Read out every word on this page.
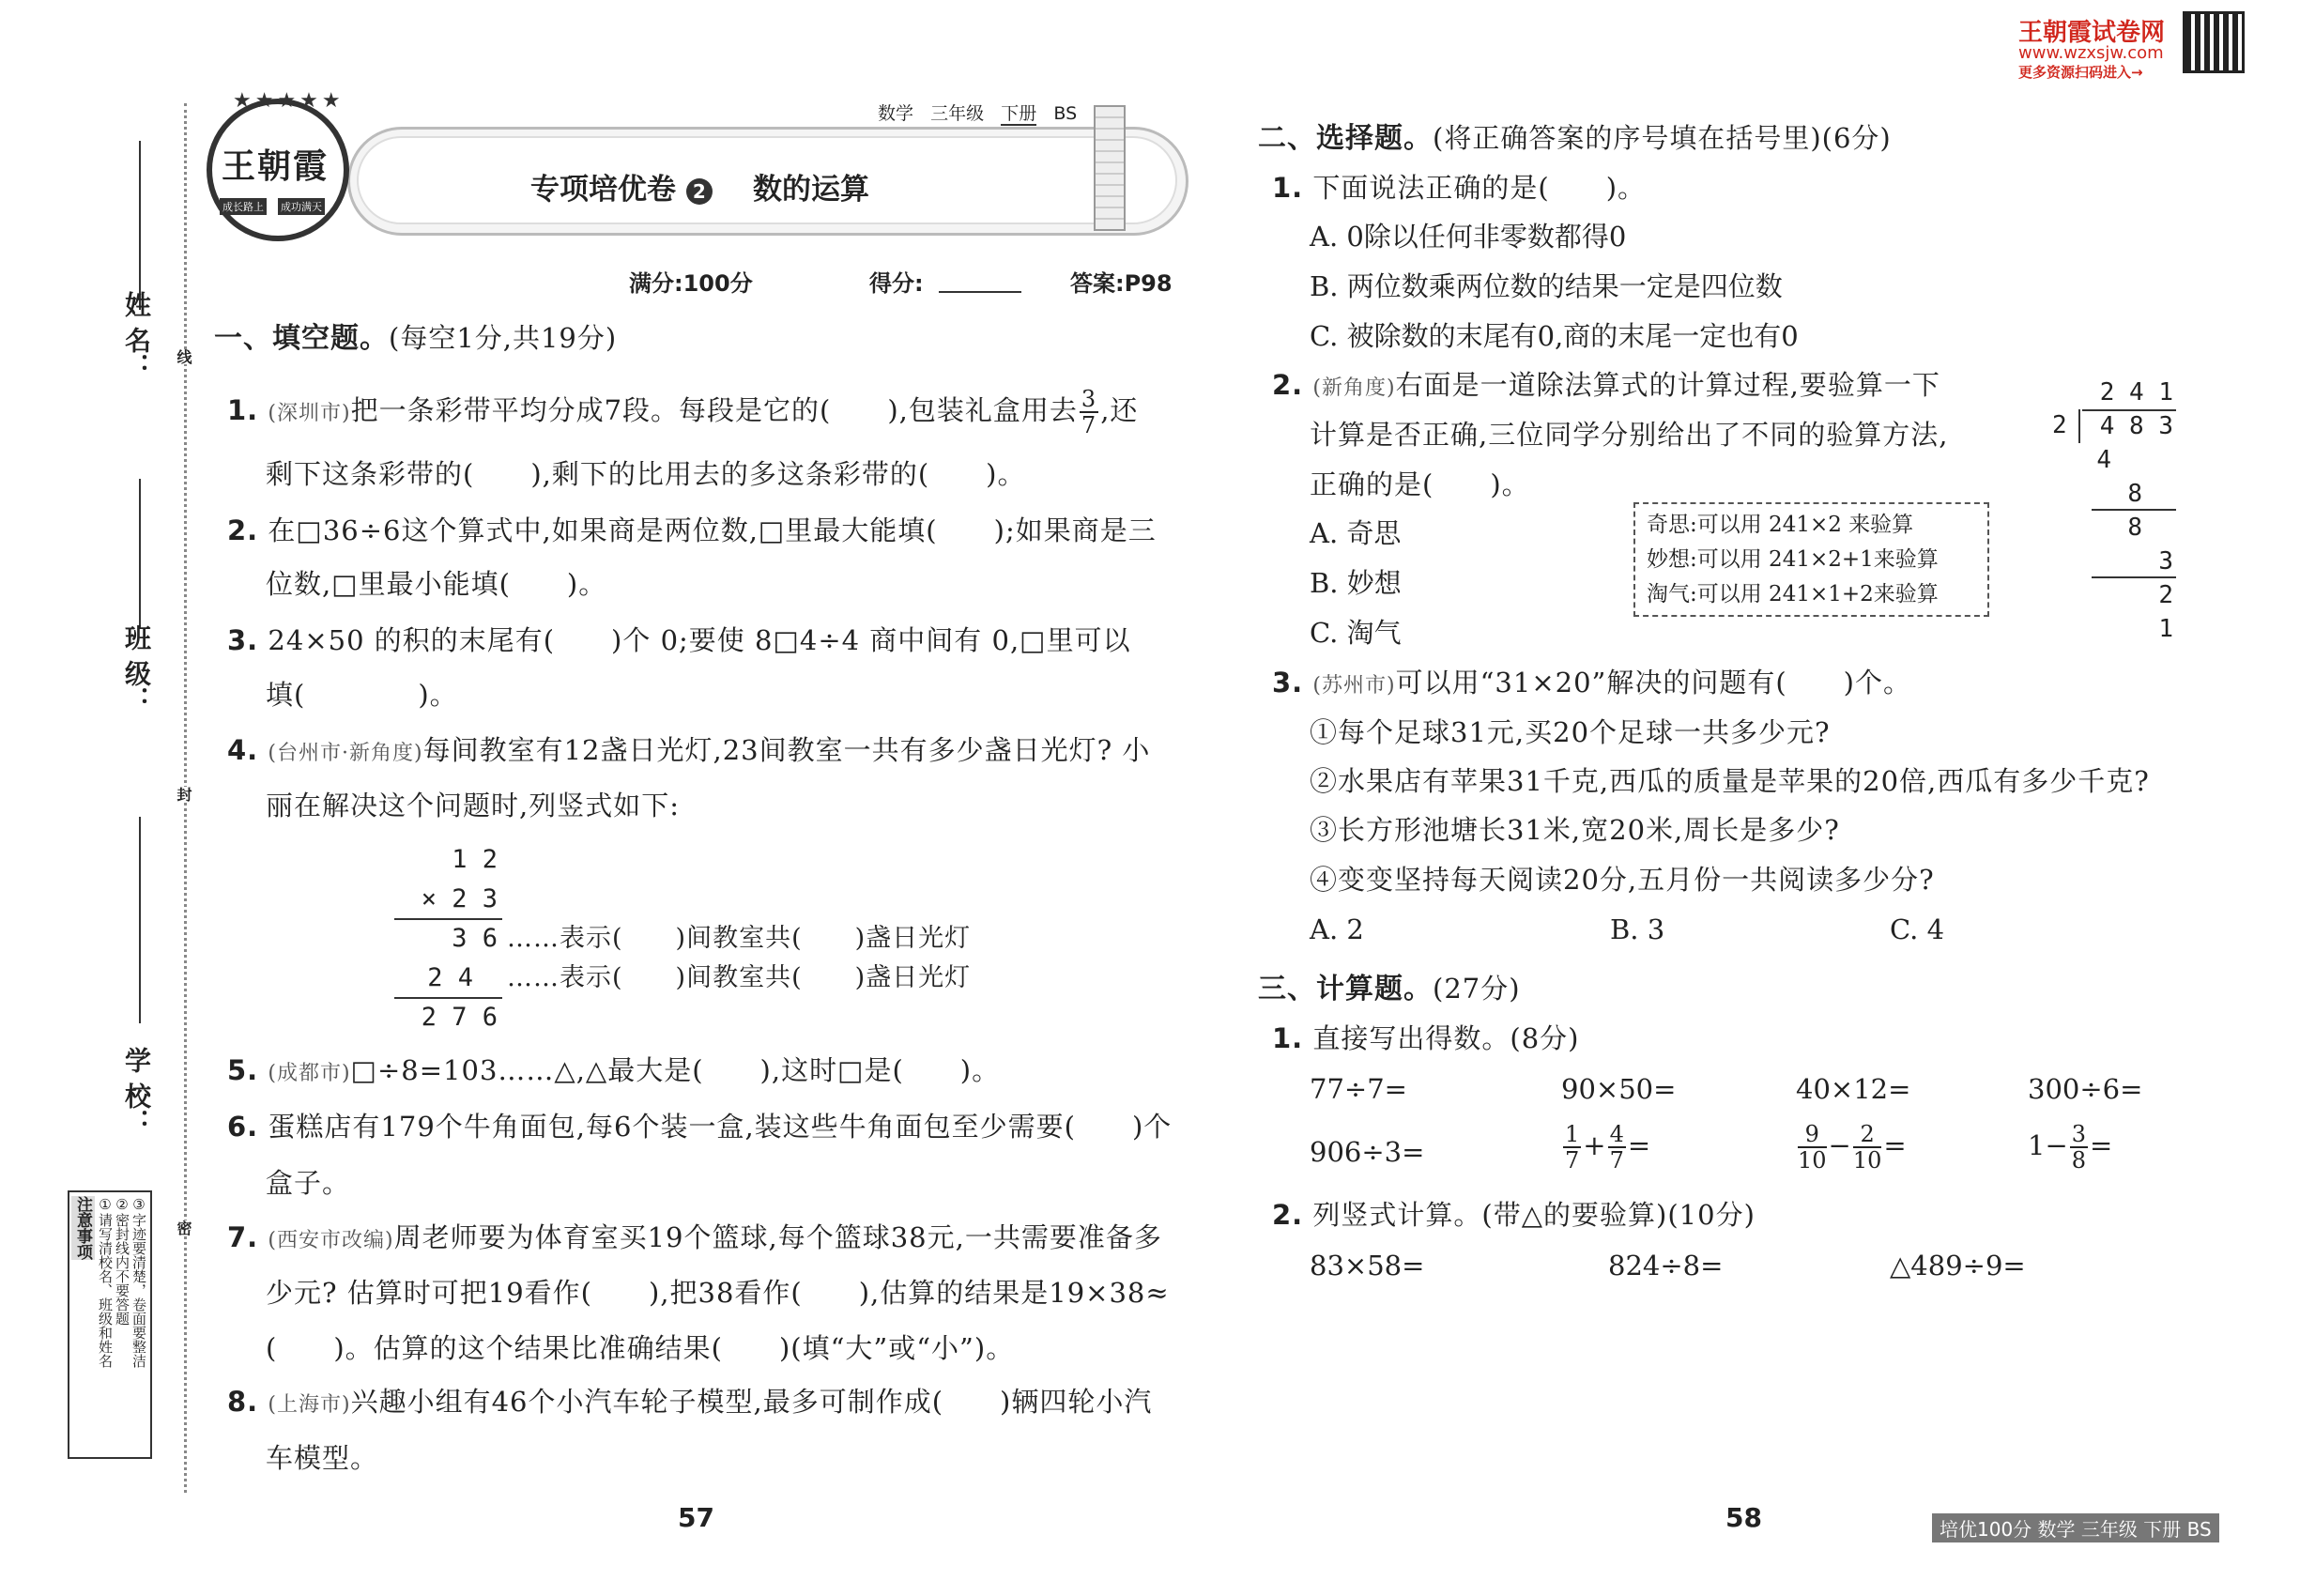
王朝霞试卷网
www.wzxsjw.com
更多资源扫码进入→
姓 名：
班 级：
学 校：
线
封
密
注意事项 ①请写清校名、班级和姓名 ②密封线内不要答题 ③字迹要清楚，卷面要整洁
王朝霞
成长路上 成功满天
★★★★★
数学 三年级 下册 BS
专项培优卷 2 数的运算
满分:100分	得分:	答案:P98
一、填空题。(每空1分,共19分)
1. (深圳市)把一条彩带平均分成7段。每段是它的(　　),包装礼盒用去 $\frac{3}{7}$ ,还
剩下这条彩带的(　　),剩下的比用去的多这条彩带的(　　)。
2. 在□36÷6这个算式中,如果商是两位数,□里最大能填(　　);如果商是三
位数,□里最小能填(　　)。
3. 24×50 的积的末尾有(　　)个 0;要使 8□4÷4 商中间有 0,□里可以
填(　　　　)。
4. (台州市·新角度)每间教室有12盏日光灯,23间教室一共有多少盏日光灯? 小
丽在解决这个问题时,列竖式如下:
1 2
× 2 3
3 6
2 4
2 7 6
……表示(　　)间教室共(　　)盏日光灯
……表示(　　)间教室共(　　)盏日光灯
5. (成都市)□÷8=103……△,△最大是(　　),这时□是(　　)。
6. 蛋糕店有179个牛角面包,每6个装一盒,装这些牛角面包至少需要(　　)个
盒子。
7. (西安市改编)周老师要为体育室买19个篮球,每个篮球38元,一共需要准备多
少元? 估算时可把19看作(　　),把38看作(　　),估算的结果是19×38≈
(　　)。估算的这个结果比准确结果(　　)(填“大”或“小”)。
8. (上海市)兴趣小组有46个小汽车轮子模型,最多可制作成(　　)辆四轮小汽
车模型。
57
二、选择题。(将正确答案的序号填在括号里)(6分)
1. 下面说法正确的是(　　)。
A. 0除以任何非零数都得0
B. 两位数乘两位数的结果一定是四位数
C. 被除数的末尾有0,商的末尾一定也有0
2. (新角度)右面是一道除法算式的计算过程,要验算一下
计算是否正确,三位同学分别给出了不同的验算方法,
正确的是(　　)。
A. 奇思
B. 妙想
C. 淘气
奇思:可以用 241×2 来验算
妙想:可以用 241×2+1来验算
淘气:可以用 241×1+2来验算
2 4 1
4 8 3
4
8
8
3
2
1
2
3. (苏州市)可以用“31×20”解决的问题有(　　)个。
①每个足球31元,买20个足球一共多少元?
②水果店有苹果31千克,西瓜的质量是苹果的20倍,西瓜有多少千克?
③长方形池塘长31米,宽20米,周长是多少?
④变变坚持每天阅读20分,五月份一共阅读多少分?
A. 2	B. 3	C. 4
三、计算题。(27分)
1. 直接写出得数。(8分)
77÷7=	90×50=	40×12=	300÷6=
906÷3=	$\frac{1}{7} + \frac{4}{7}$ =	$\frac{9}{10} - \frac{2}{10}$ =	$1- \frac{3}{8}$ =
2. 列竖式计算。(带△的要验算)(10分)
83×58=	824÷8=	△489÷9=
58	培优100分 数学 三年级 下册 BS
